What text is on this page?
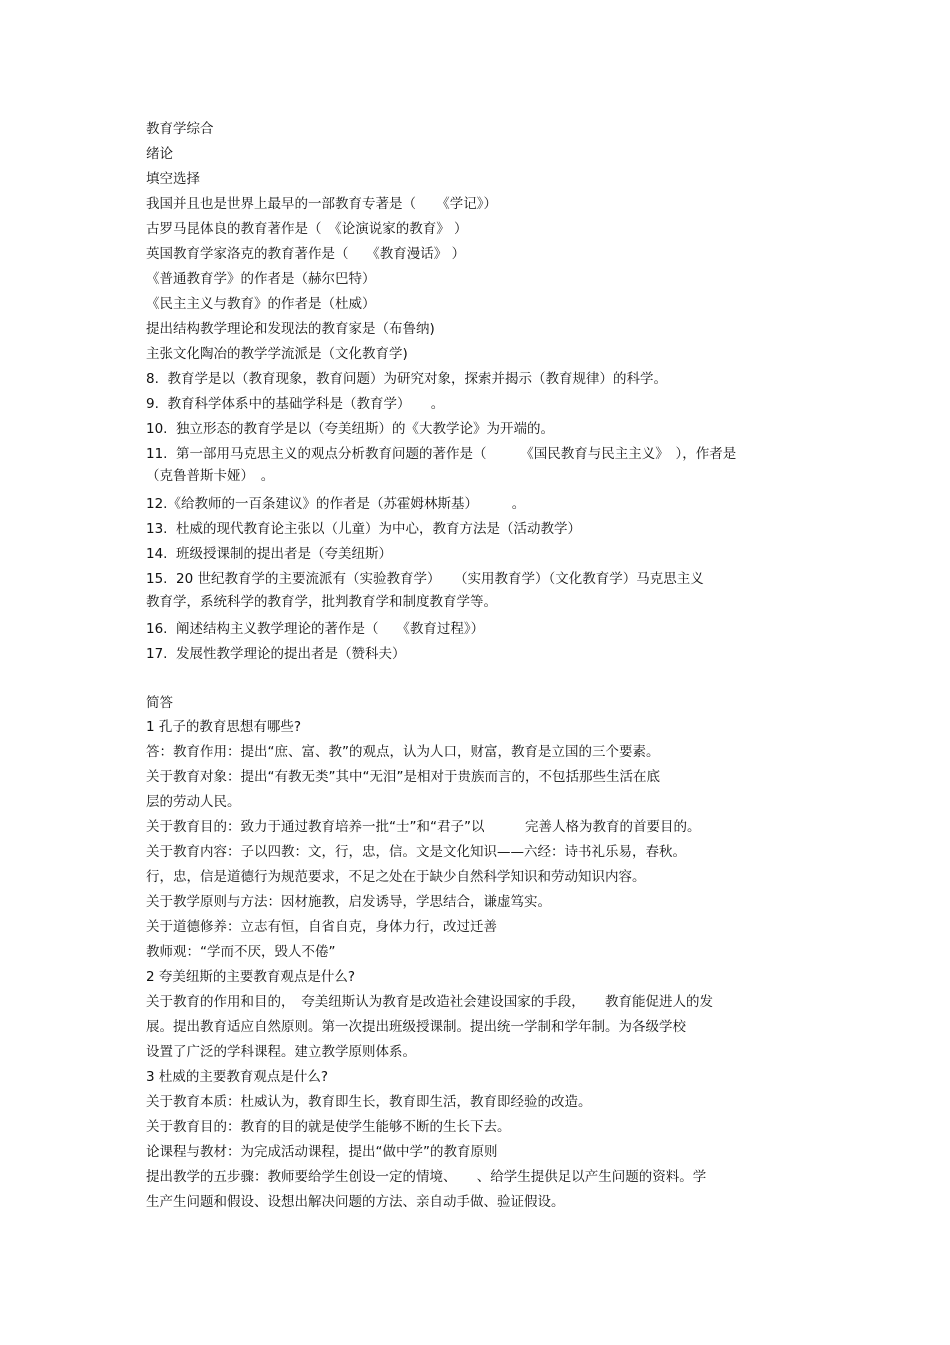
教育学综合
绪论
填空选择
我国并且也是世界上最早的一部教育专著是（　　《学记》）
古罗马昆体良的教育著作是（　《论演说家的教育》 ）
英国教育学家洛克的教育著作是（　 《教育漫话》 ）
《普通教育学》的作者是（赫尔巴特）
《民主主义与教育》的作者是（杜威）
提出结构教学理论和发现法的教育家是（布鲁纳)
主张文化陶冶的教学学流派是（文化教育学)
8.  教育学是以（教育现象，教育问题）为研究对象，探索并揭示（教育规律）的科学。
9.  教育科学体系中的基础学科是（教育学）　　。
10.  独立形态的教育学是以（夸美纽斯）的《大教学论》为开端的。
11.  第一部用马克思主义的观点分析教育问题的著作是（　　　《国民教育与民主主义》　），作者是
（克鲁普斯卡娅）　。
12.《给教师的一百条建议》的作者是（苏霍姆林斯基）　　　。
13.  杜威的现代教育论主张以（儿童）为中心，教育方法是（活动教学）
14.  班级授课制的提出者是（夸美纽斯）
15.  20 世纪教育学的主要流派有（实验教育学）　　（实用教育学）（文化教育学）马克思主义
教育学，系统科学的教育学，批判教育学和制度教育学等。
16.  阐述结构主义教学理论的著作是（　 《教育过程》）
17.  发展性教学理论的提出者是（赞科夫）
简答
1 孔子的教育思想有哪些?
答：教育作用：提出“庶、富、教”的观点，认为人口，财富，教育是立国的三个要素。
关于教育对象：提出“有教无类”其中“无泪”是相对于贵族而言的，不包括那些生活在底
层的劳动人民。
关于教育目的：致力于通过教育培养一批“士”和“君子”以　　　完善人格为教育的首要目的。
关于教育内容：子以四教：文，行，忠，信。文是文化知识——六经：诗书礼乐易，春秋。
行，忠，信是道德行为规范要求，不足之处在于缺少自然科学知识和劳动知识内容。
关于教学原则与方法：因材施教，启发诱导，学思结合，谦虚笃实。
关于道德修养：立志有恒，自省自克，身体力行，改过迁善
教师观：“学而不厌，毁人不倦”
2 夸美纽斯的主要教育观点是什么?
关于教育的作用和目的，　夸美纽斯认为教育是改造社会建设国家的手段，　　教育能促进人的发
展。提出教育适应自然原则。第一次提出班级授课制。提出统一学制和学年制。为各级学校
设置了广泛的学科课程。建立教学原则体系。
3 杜威的主要教育观点是什么?
关于教育本质：杜威认为，教育即生长，教育即生活，教育即经验的改造。
关于教育目的：教育的目的就是使学生能够不断的生长下去。
论课程与教材：为完成活动课程，提出“做中学”的教育原则
提出教学的五步骤：教师要给学生创设一定的情境、　　、给学生提供足以产生问题的资料。学
生产生问题和假设、设想出解决问题的方法、亲自动手做、验证假设。
